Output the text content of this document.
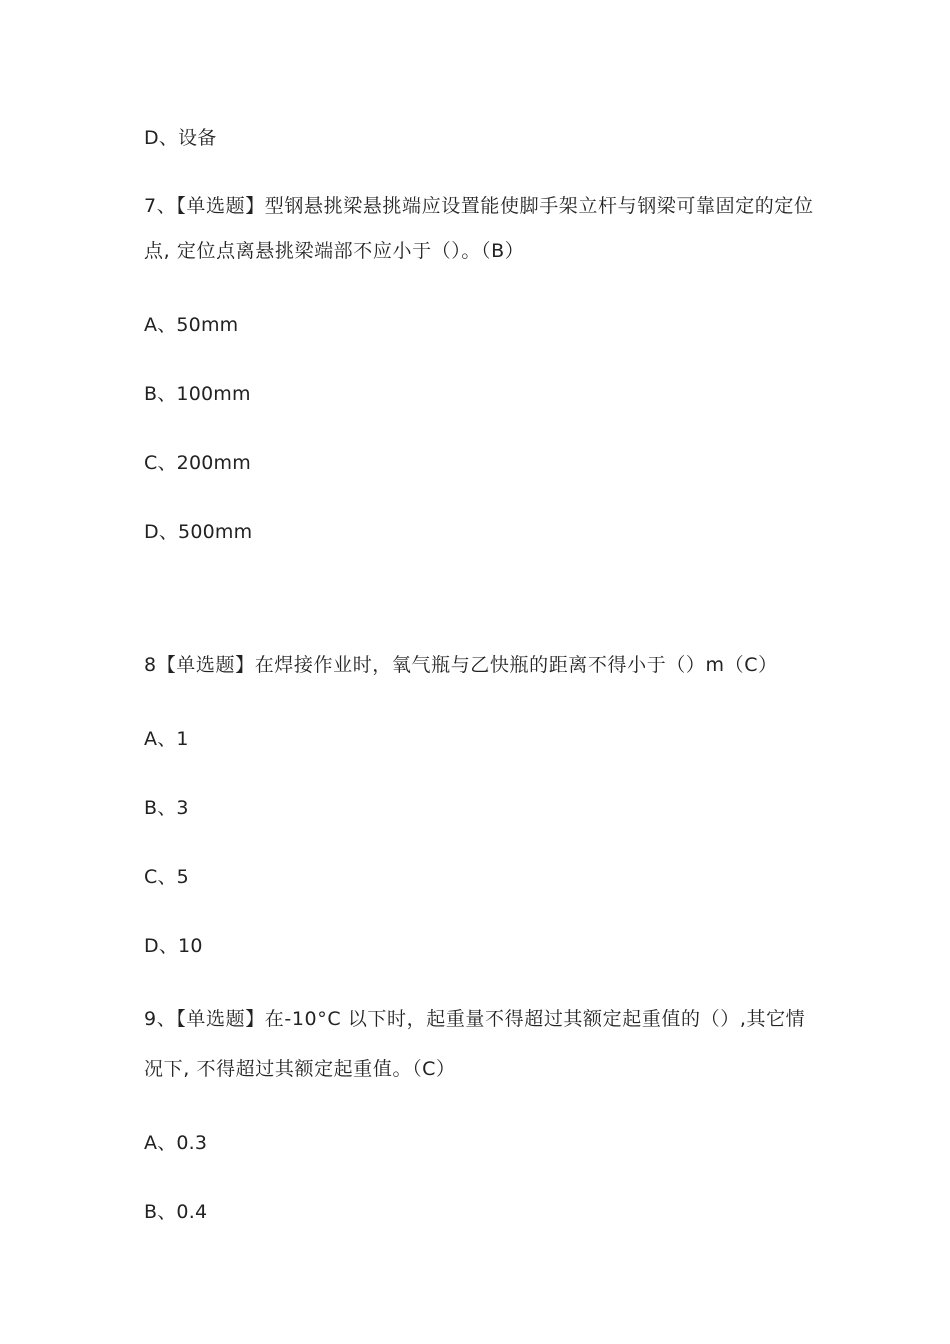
D、设备
7、【单选题】型钢悬挑梁悬挑端应设置能使脚手架立杆与钢梁可靠固定的定位
点, 定位点离悬挑梁端部不应小于（）。（B）
A、50mm
B、100mm
C、200mm
D、500mm
8【单选题】在焊接作业时，氧气瓶与乙快瓶的距离不得小于（）m（C）
A、1
B、3
C、5
D、10
9、【单选题】在-10°C 以下时，起重量不得超过其额定起重值的（）,其它情
况下, 不得超过其额定起重值。（C）
A、0.3
B、0.4
